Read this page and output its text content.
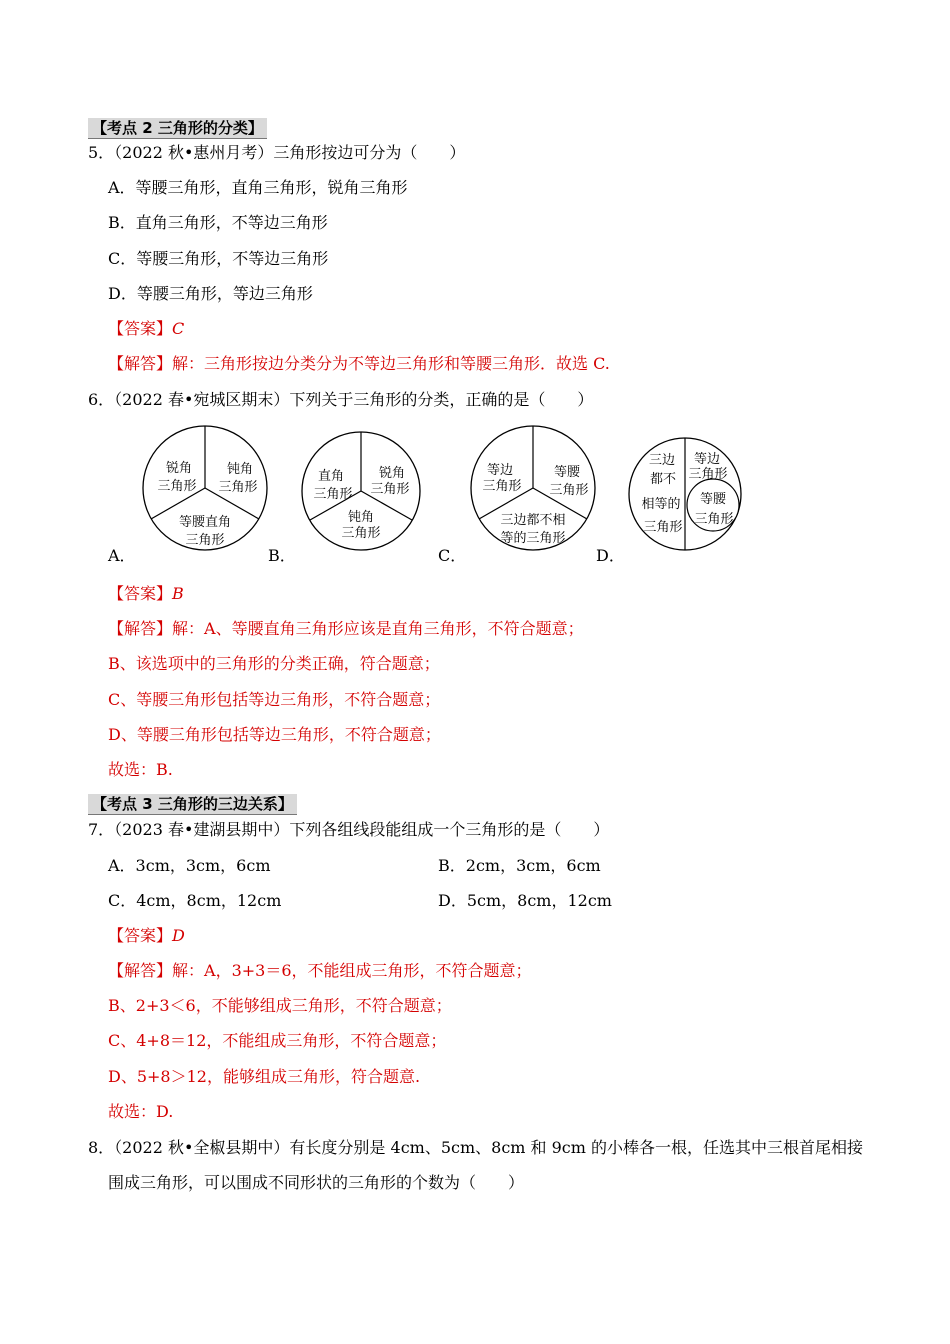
【考点 2 三角形的分类】
5．（2022 秋•惠州月考）三角形按边可分为（　　）
A．等腰三角形，直角三角形，锐角三角形
B．直角三角形，不等边三角形
C．等腰三角形，不等边三角形
D．等腰三角形，等边三角形
【答案】C
【解答】解：三角形按边分类分为不等边三角形和等腰三角形．故选 C.
6．（2022 春•宛城区期末）下列关于三角形的分类，正确的是（　　）
锐角
三角形
钝角
三角形
等腰直角
三角形
A．
直角
三角形
锐角
三角形
钝角
三角形
B．
等边
三角形
等腰
三角形
三边都不相
等的三角形
C．
三边
都不
相等的
三角形
等边
三角形
等腰
三角形
D．
【答案】B
【解答】解：A、等腰直角三角形应该是直角三角形，不符合题意；
B、该选项中的三角形的分类正确，符合题意；
C、等腰三角形包括等边三角形，不符合题意；
D、等腰三角形包括等边三角形，不符合题意；
故选：B.
【考点 3 三角形的三边关系】
7．（2023 春•建湖县期中）下列各组线段能组成一个三角形的是（　　）
A．3cm，3cm，6cm	B．2cm，3cm，6cm
C．4cm，8cm，12cm	D．5cm，8cm，12cm
【答案】D
【解答】解：A，3+3＝6，不能组成三角形，不符合题意；
B、2+3＜6，不能够组成三角形，不符合题意；
C、4+8＝12，不能组成三角形，不符合题意；
D、5+8＞12，能够组成三角形，符合题意.
故选：D.
8．（2022 秋•全椒县期中）有长度分别是 4cm、5cm、8cm 和 9cm 的小棒各一根，任选其中三根首尾相接
围成三角形，可以围成不同形状的三角形的个数为（　　）
